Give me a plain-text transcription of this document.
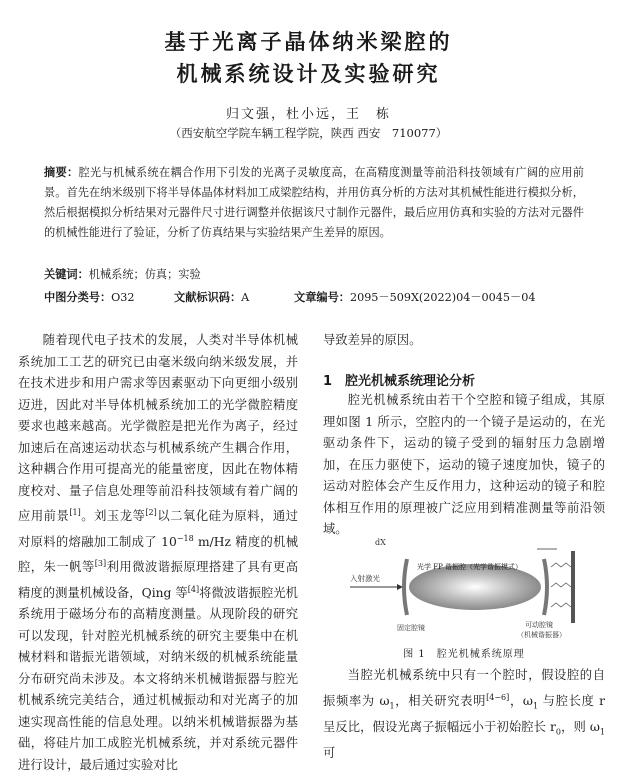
基于光离子晶体纳米梁腔的
机械系统设计及实验研究
归文强，杜小远，王　栋
（西安航空学院车辆工程学院，陕西 西安　710077）
摘要：腔光与机械系统在耦合作用下引发的光离子灵敏度高，在高精度测量等前沿科技领域有广阔的应用前景。首先在纳米级别下将半导体晶体材料加工成梁腔结构，并用仿真分析的方法对其机械性能进行模拟分析，然后根据模拟分析结果对元器件尺寸进行调整并依据该尺寸制作元器件，最后应用仿真和实验的方法对元器件的机械性能进行了验证，分析了仿真结果与实验结果产生差异的原因。
关键词：机械系统；仿真；实验
中图分类号：O32	文献标识码：A	文章编号：2095－509X(2022)04－0045－04
随着现代电子技术的发展，人类对半导体机械系统加工工艺的研究已由毫米级向纳米级发展，并在技术进步和用户需求等因素驱动下向更细小级别迈进，因此对半导体机械系统加工的光学微腔精度要求也越来越高。光学微腔是把光作为离子，经过加速后在高速运动状态与机械系统产生耦合作用，这种耦合作用可提高光的能量密度，因此在物体精度校对、量子信息处理等前沿科技领域有着广阔的应用前景[1]。刘玉龙等[2]以二氧化硅为原料，通过对原料的熔融加工制成了 $10^{-18}$ m/Hz 精度的机械腔，朱一帆等[3]利用微波谐振原理搭建了具有更高精度的测量机械设备，Qing 等[4]将微波谐振腔光机系统用于磁场分布的高精度测量。从现阶段的研究可以发现，针对腔光机械系统的研究主要集中在机械材料和谐振光谐领域，对纳米级的机械系统能量分布研究尚未涉及。本文将纳米机械谐振器与腔光机械系统完美结合，通过机械振动和对光离子的加速实现高性能的信息处理。以纳米机械谐振器为基础，将硅片加工成腔光机械系统，并对系统元器件进行设计，最后通过实验对比
导致差异的原因。
1　腔光机械系统理论分析
腔光机械系统由若干个空腔和镜子组成，其原理如图 1 所示，空腔内的一个镜子是运动的，在光驱动条件下，运动的镜子受到的辐射压力急剧增加，在压力驱使下，运动的镜子速度加快，镜子的运动对腔体会产生反作用力，这种运动的镜子和腔体相互作用的原理被广泛应用到精准测量等前沿领域。
dX
入射激光
光学 FP 谐振腔（光学谐振模式）
固定腔镜	可动腔镜
（机械谐振器）
图 1　腔光机械系统原理
当腔光机械系统中只有一个腔时，假设腔的自振频率为 $\omega_1$，相关研究表明[4−6]，$\omega_1$ 与腔长度 r 呈反比，假设光离子振幅远小于初始腔长 $r_0$，则 $\omega_1$ 可
